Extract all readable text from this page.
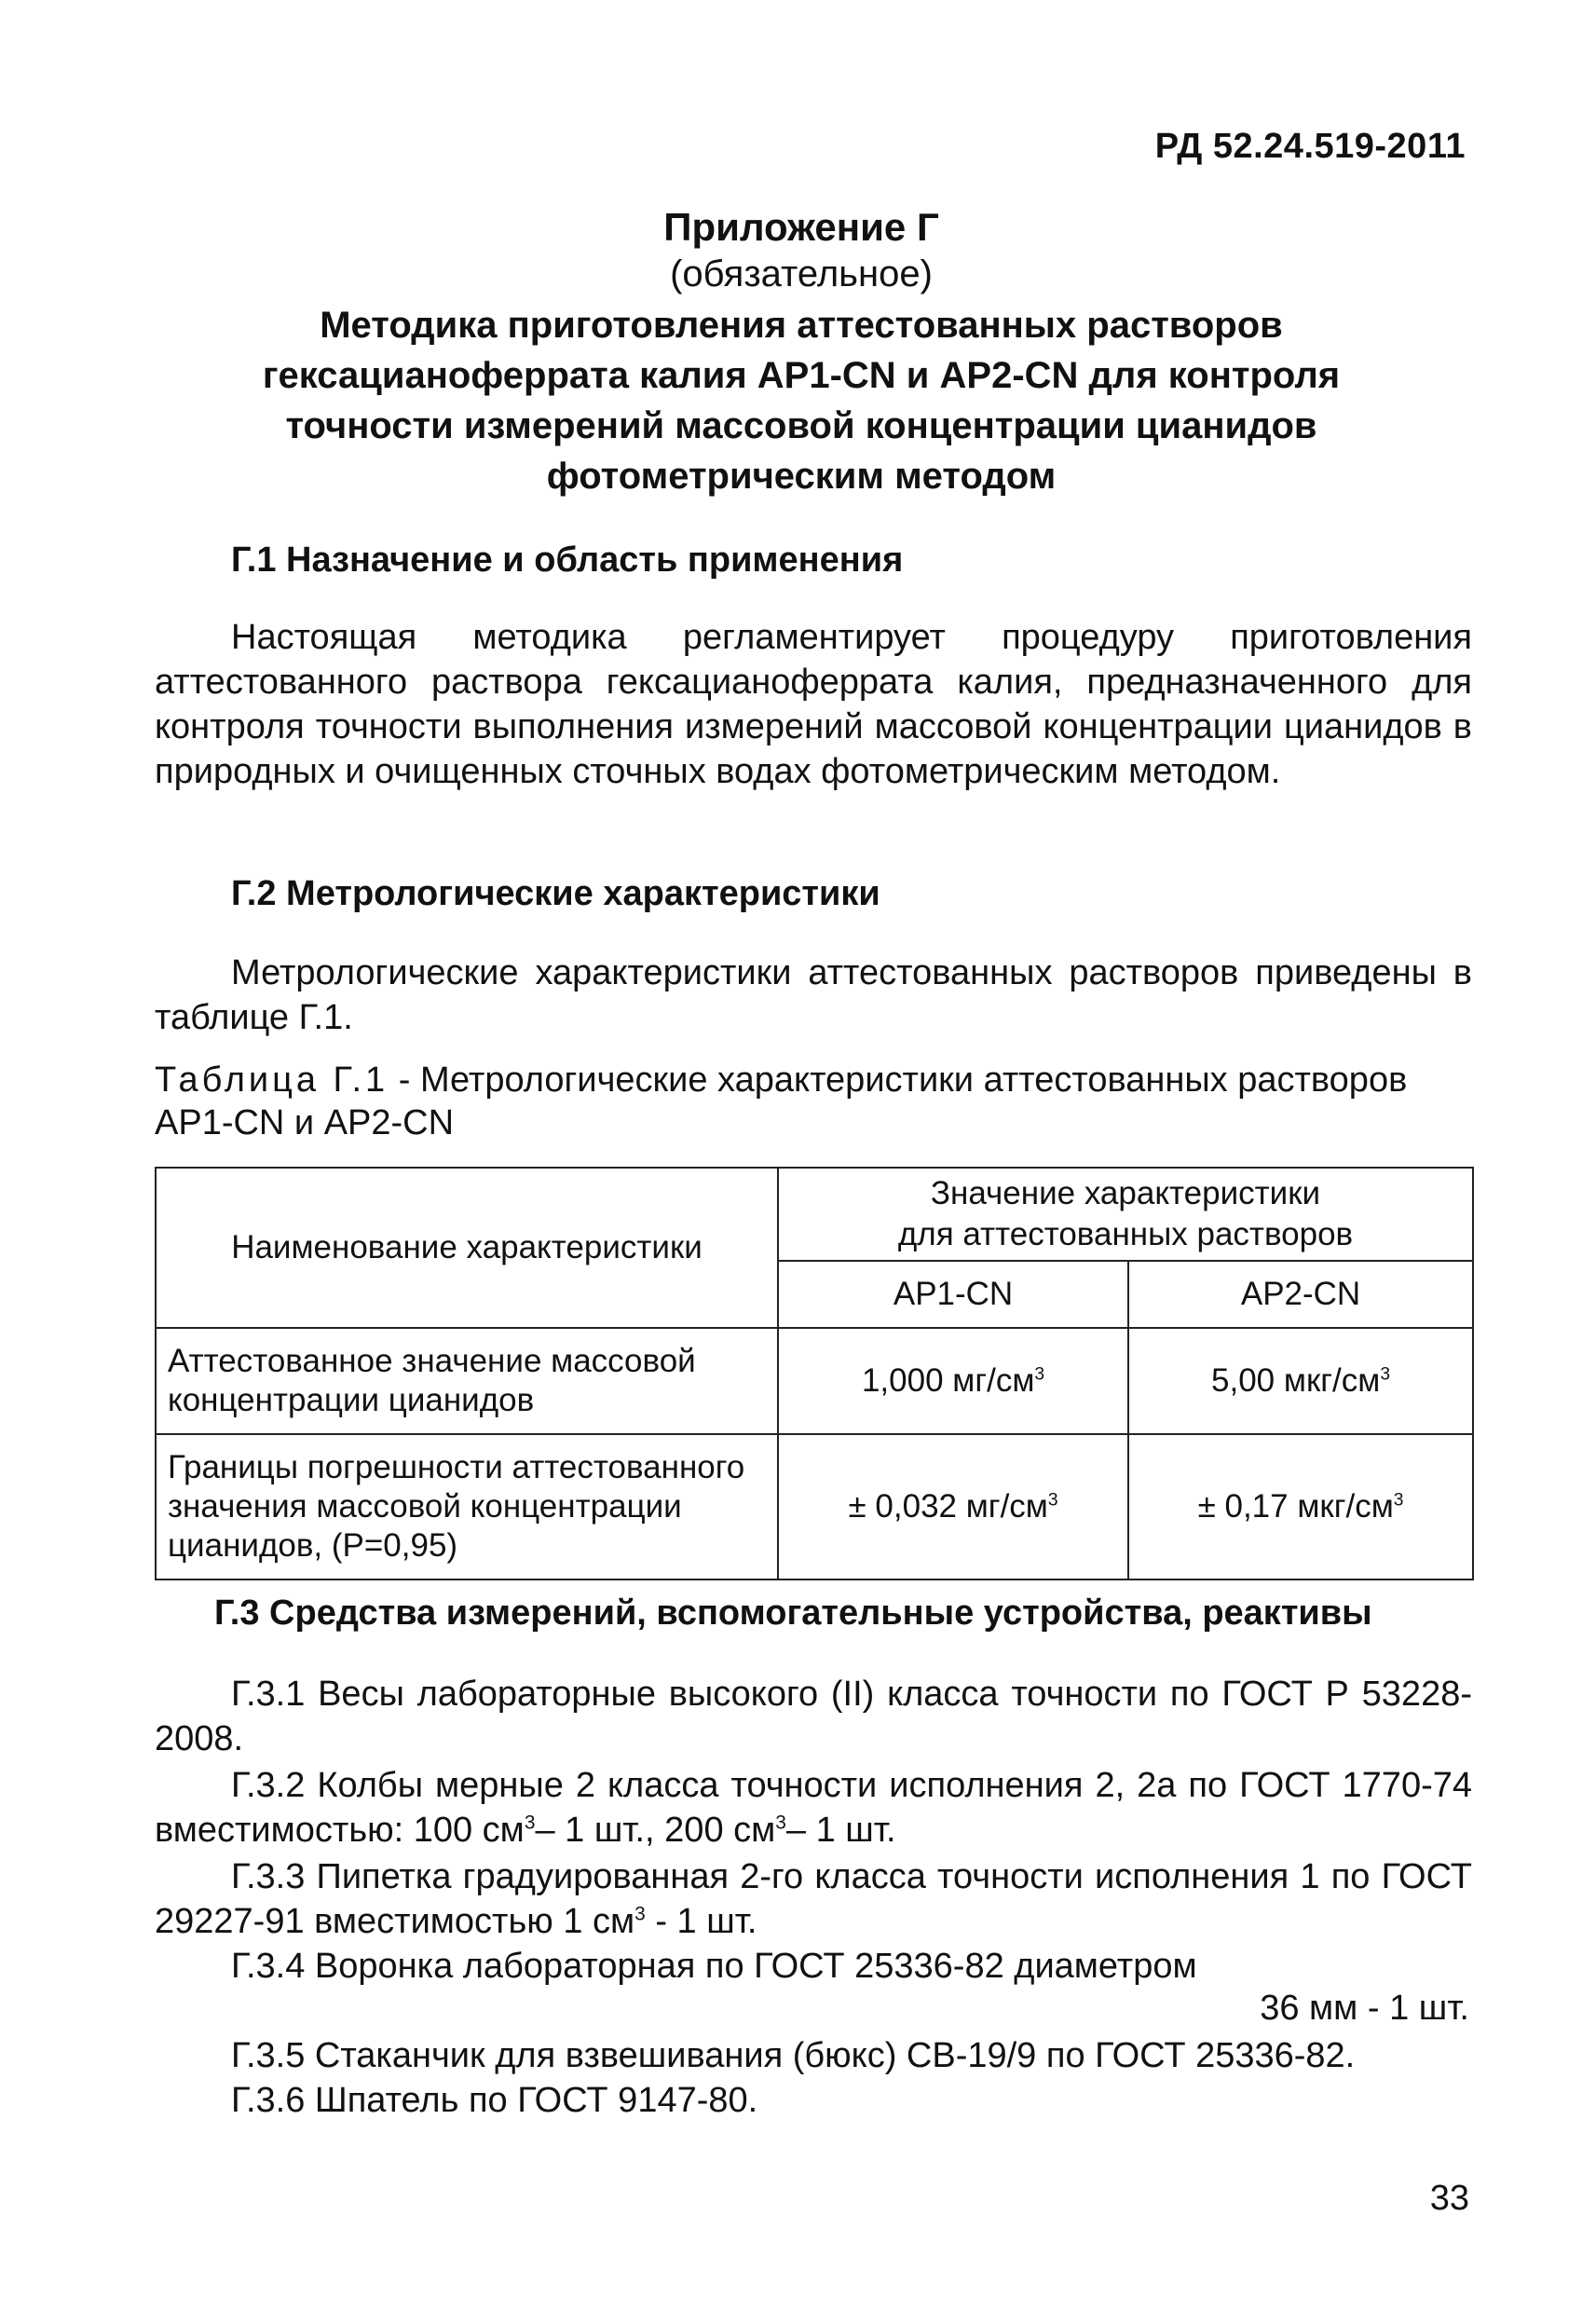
РД 52.24.519-2011
Приложение Г
(обязательное)
Методика приготовления аттестованных растворов
гексацианоферрата калия АР1-CN и АР2-CN для контроля
точности измерений массовой концентрации цианидов
фотометрическим методом
Г.1 Назначение и область применения

Настоящая методика регламентирует процедуру приготовления аттестованного раствора гексацианоферрата калия, предназначенного для контроля точности выполнения измерений массовой концентрации цианидов в природных и очищенных сточных водах фотометрическим методом.

Г.2 Метрологические характеристики

Метрологические характеристики аттестованных растворов приведены в таблице Г.1.

Таблица Г.1 - Метрологические характеристики аттестованных растворов АР1-CN и АР2-CN

Наименование характеристики	Значение характеристики
для аттестованных растворов	

	АР1-CN	АР2-CN
Аттестованное значение массовой концентрации цианидов	1,000 $мг/см^3$	5,00 мкг/$см^3$
Границы погрешности аттестованного значения массовой концентрации цианидов, (Р=0,95)	± 0,032 $мг/см^3$	± 0,17 мкг/$см^3$
Г.3 Средства измерений, вспомогательные устройства, реактивы

Г.3.1 Весы лабораторные высокого (II) класса точности по ГОСТ Р 53228-2008.

Г.3.2 Колбы мерные 2 класса точности исполнения 2, 2а по ГОСТ 1770-74 вместимостью: 100 $см^3-$ 1 шт., 200 $см^3-$ 1 шт.

Г.3.3 Пипетка градуированная 2-го класса точности исполнения 1 по ГОСТ 29227-91 вместимостью 1 $см^3 - 1$ шт.

Г.3.4 Воронка лабораторная по ГОСТ 25336-82 диаметром

36 мм - 1 шт.

Г.3.5 Стаканчик для взвешивания (бюкс) СВ-19/9 по ГОСТ 25336-82.

Г.3.6 Шпатель по ГОСТ 9147-80.

33
